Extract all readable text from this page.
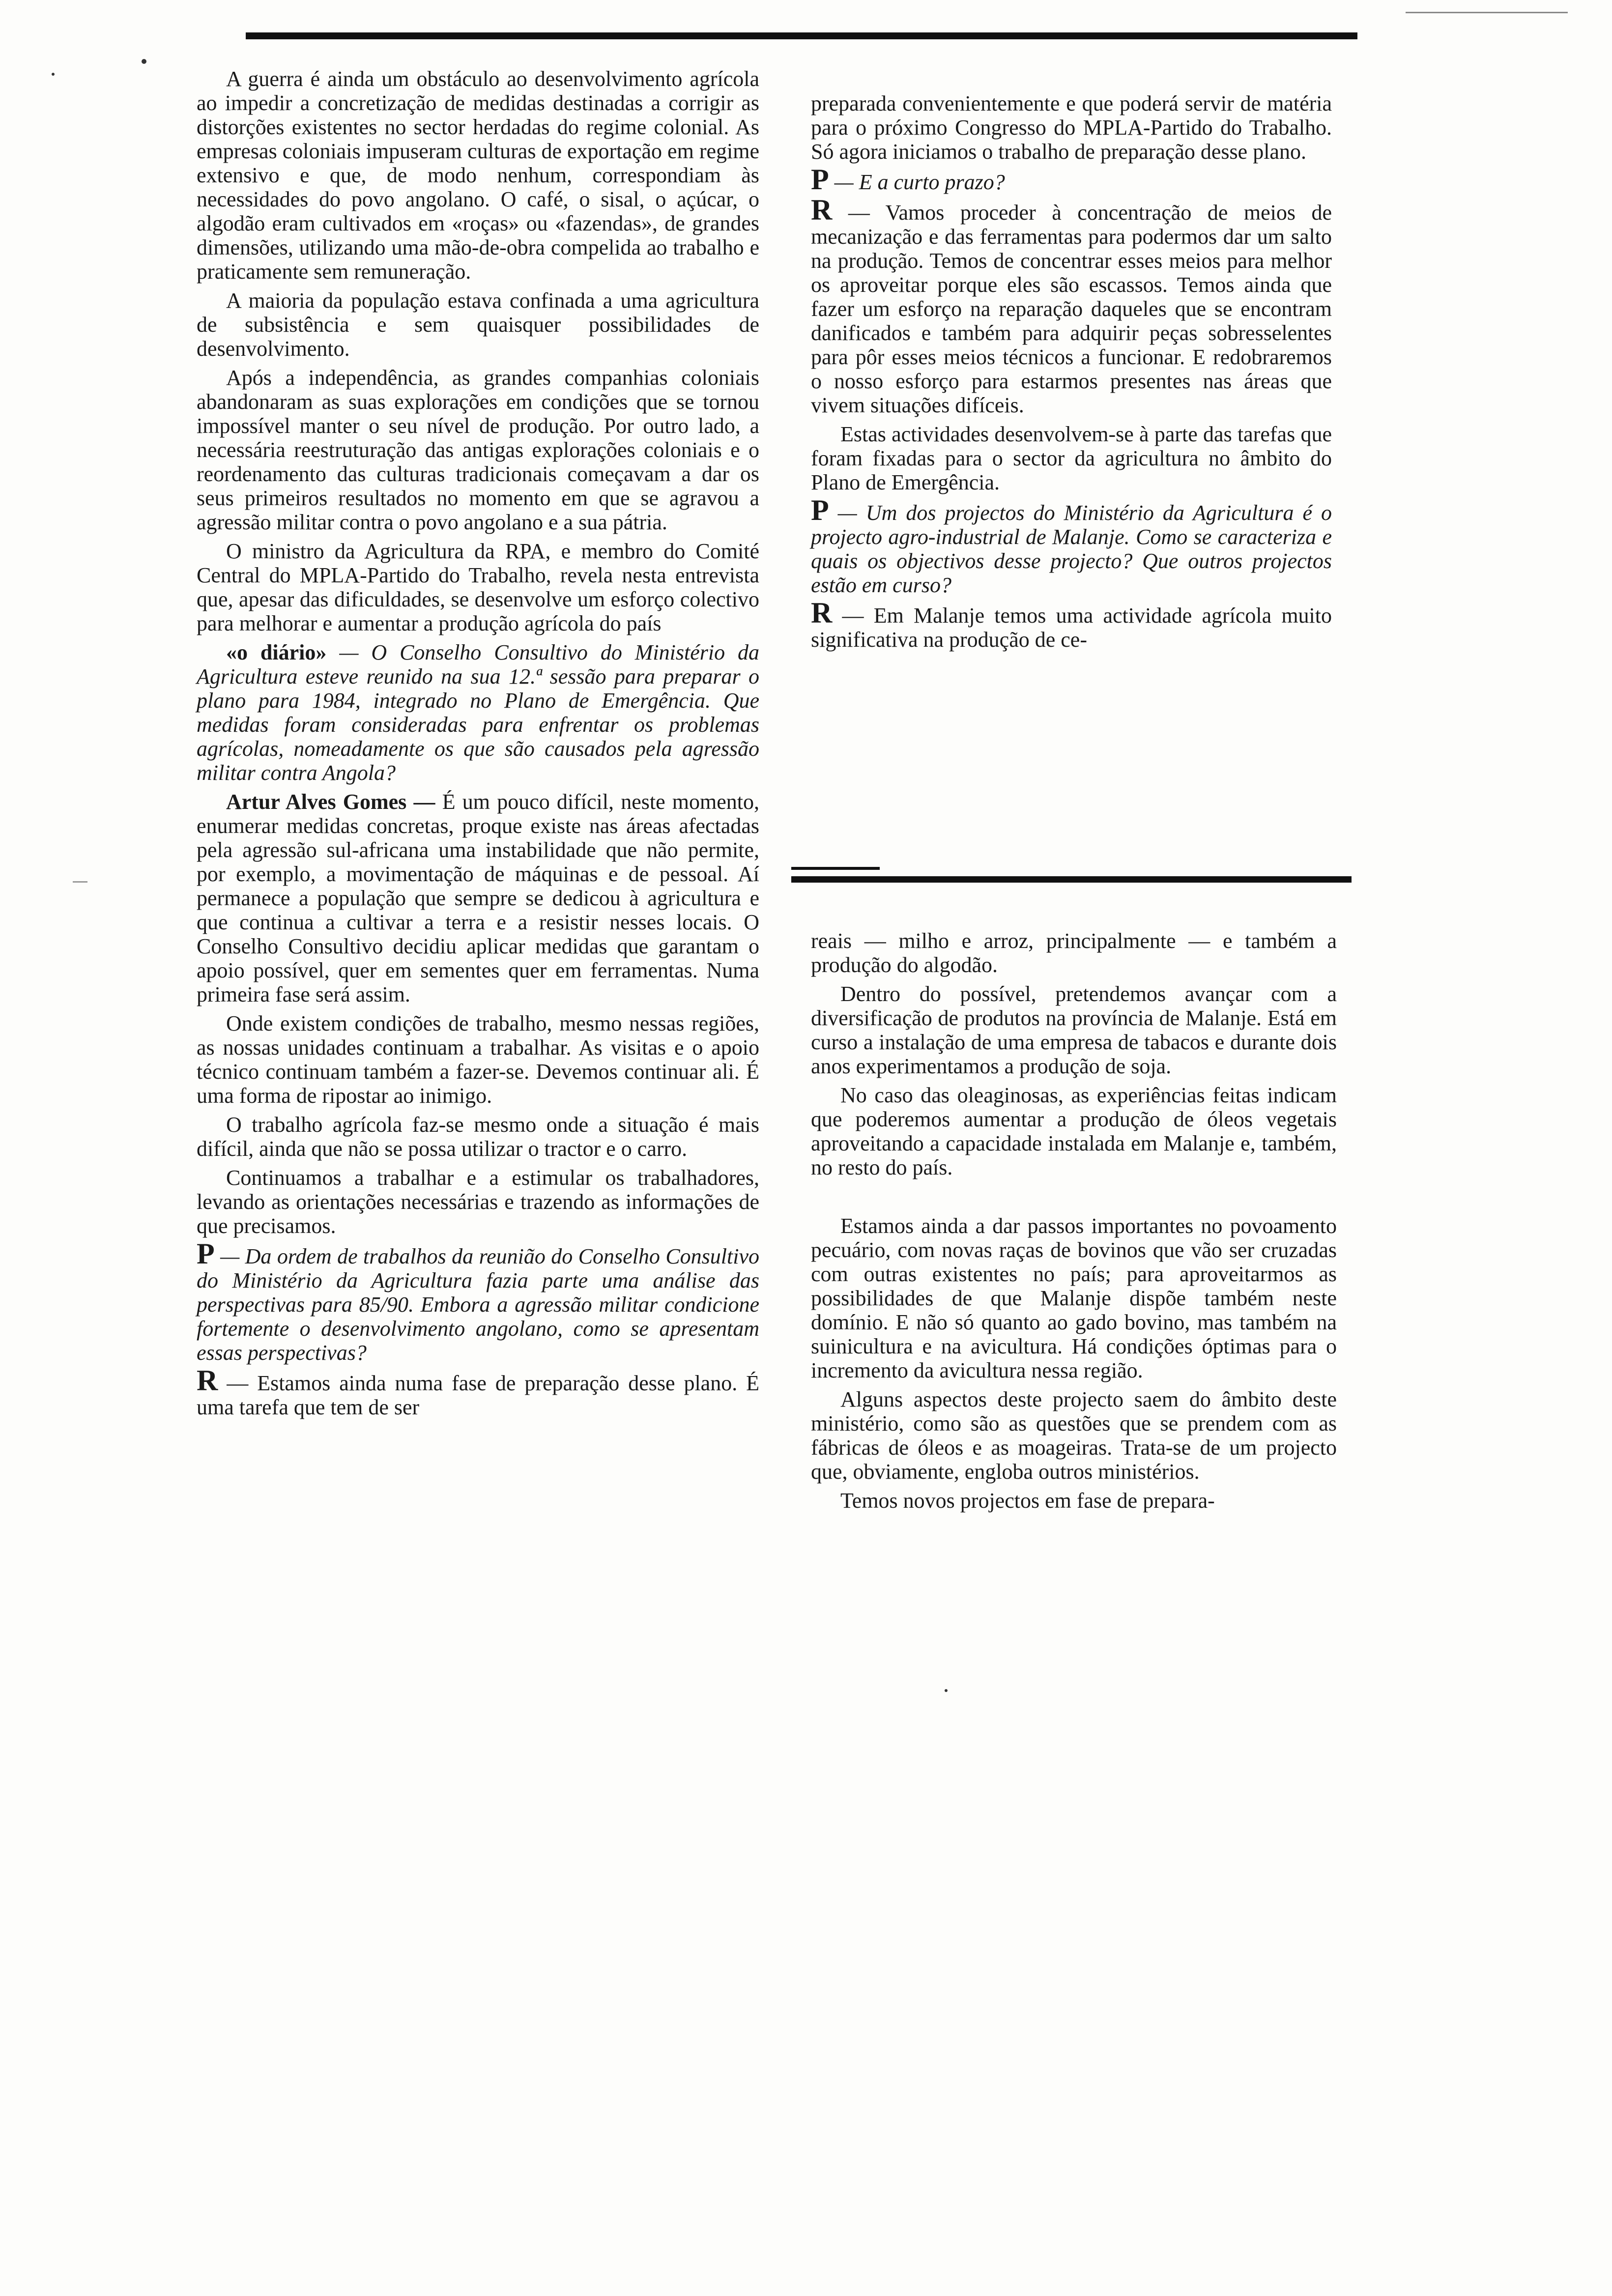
A guerra é ainda um obstáculo ao desenvolvimento agrícola ao impedir a concretização de medidas destinadas a corrigir as distorções existentes no sector herdadas do regime colonial. As empresas coloniais impuseram culturas de exportação em regime extensivo e que, de modo nenhum, correspondiam às necessidades do povo angolano. O café, o sisal, o açúcar, o algodão eram cultivados em «roças» ou «fazendas», de grandes dimensões, utilizando uma mão-de-obra compelida ao trabalho e praticamente sem remuneração.

A maioria da população estava confinada a uma agricultura de subsistência e sem quaisquer possibilidades de desenvolvimento.

Após a independência, as grandes companhias coloniais abandonaram as suas explorações em condições que se tornou impossível manter o seu nível de produção. Por outro lado, a necessária reestruturação das antigas explorações coloniais e o reordenamento das culturas tradicionais começavam a dar os seus primeiros resultados no momento em que se agravou a agressão militar contra o povo angolano e a sua pátria.

O ministro da Agricultura da RPA, e membro do Comité Central do MPLA-Partido do Trabalho, revela nesta entrevista que, apesar das dificuldades, se desenvolve um esforço colectivo para melhorar e aumentar a produção agrícola do país

«o diário» — O Conselho Consultivo do Ministério da Agricultura esteve reunido na sua 12.ª sessão para preparar o plano para 1984, integrado no Plano de Emergência. Que medidas foram consideradas para enfrentar os problemas agrícolas, nomeadamente os que são causados pela agressão militar contra Angola?

Artur Alves Gomes — É um pouco difícil, neste momento, enumerar medidas concretas, proque existe nas áreas afectadas pela agressão sul-africana uma instabilidade que não permite, por exemplo, a movimentação de máquinas e de pessoal. Aí permanece a população que sempre se dedicou à agricultura e que continua a cultivar a terra e a resistir nesses locais. O Conselho Consultivo decidiu aplicar medidas que garantam o apoio possível, quer em sementes quer em ferramentas. Numa primeira fase será assim.

Onde existem condições de trabalho, mesmo nessas regiões, as nossas unidades continuam a trabalhar. As visitas e o apoio técnico continuam também a fazer-se. Devemos continuar ali. É uma forma de ripostar ao inimigo.

O trabalho agrícola faz-se mesmo onde a situação é mais difícil, ainda que não se possa utilizar o tractor e o carro.

Continuamos a trabalhar e a estimular os trabalhadores, levando as orientações necessárias e trazendo as informações de que precisamos.

P — Da ordem de trabalhos da reunião do Conselho Consultivo do Ministério da Agricultura fazia parte uma análise das perspectivas para 85/90. Embora a agressão militar condicione fortemente o desenvolvimento angolano, como se apresentam essas perspectivas?

R — Estamos ainda numa fase de preparação desse plano. É uma tarefa que tem de ser

preparada convenientemente e que poderá servir de matéria para o próximo Congresso do MPLA-Partido do Trabalho. Só agora iniciamos o trabalho de preparação desse plano.

P — E a curto prazo?

R — Vamos proceder à concentração de meios de mecanização e das ferramentas para podermos dar um salto na produção. Temos de concentrar esses meios para melhor os aproveitar porque eles são escassos. Temos ainda que fazer um esforço na reparação daqueles que se encontram danificados e também para adquirir peças sobresselentes para pôr esses meios técnicos a funcionar. E redobraremos o nosso esforço para estarmos presentes nas áreas que vivem situações difíceis.

Estas actividades desenvolvem-se à parte das tarefas que foram fixadas para o sector da agricultura no âmbito do Plano de Emergência.

P — Um dos projectos do Ministério da Agricultura é o projecto agro-industrial de Malanje. Como se caracteriza e quais os objectivos desse projecto? Que outros projectos estão em curso?

R — Em Malanje temos uma actividade agrícola muito significativa na produção de ce-

reais — milho e arroz, principalmente — e também a produção do algodão.

Dentro do possível, pretendemos avançar com a diversificação de produtos na província de Malanje. Está em curso a instalação de uma empresa de tabacos e durante dois anos experimentamos a produção de soja.

No caso das oleaginosas, as experiências feitas indicam que poderemos aumentar a produção de óleos vegetais aproveitando a capacidade instalada em Malanje e, também, no resto do país.

Estamos ainda a dar passos importantes no povoamento pecuário, com novas raças de bovinos que vão ser cruzadas com outras existentes no país; para aproveitarmos as possibilidades de que Malanje dispõe também neste domínio. E não só quanto ao gado bovino, mas também na suinicultura e na avicultura. Há condições óptimas para o incremento da avicultura nessa região.

Alguns aspectos deste projecto saem do âmbito deste ministério, como são as questões que se prendem com as fábricas de óleos e as moageiras. Trata-se de um projecto que, obviamente, engloba outros ministérios.

Temos novos projectos em fase de prepara-
